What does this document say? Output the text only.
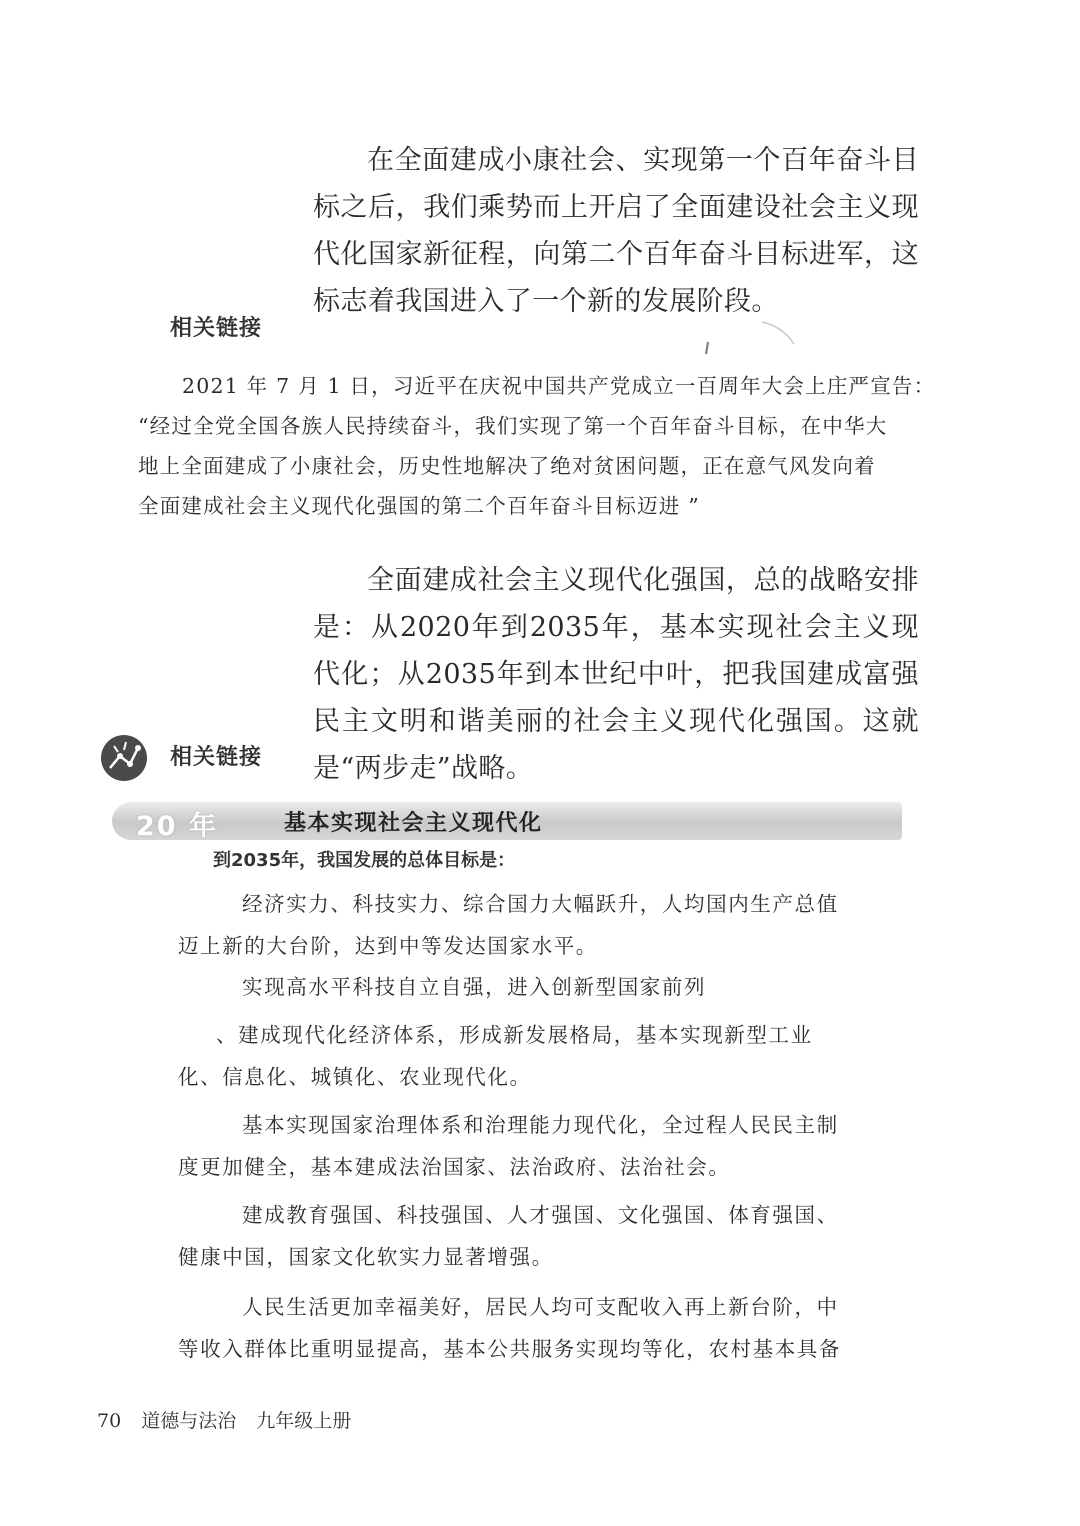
在全面建成小康社会、实现第一个百年奋斗目标之后，我们乘势而上开启了全面建设社会主义现代化国家新征程，向第二个百年奋斗目标进军，这标志着我国进入了一个新的发展阶段。
相关链接
2021 年 7 月 1 日，习近平在庆祝中国共产党成立一百周年大会上庄严宣告：
“经过全党全国各族人民持续奋斗，我们实现了第一个百年奋斗目标，在中华大
地上全面建成了小康社会，历史性地解决了绝对贫困问题，正在意气风发向着
全面建成社会主义现代化强国的第二个百年奋斗目标迈进 ”
全面建成社会主义现代化强国，总的战略安排是：从2020年到2035年，基本实现社会主义现代化；从2035年到本世纪中叶，把我国建成富强民主文明和谐美丽的社会主义现代化强国。这就是“两步走”战略。
相关链接
20 年	基本实现社会主义现代化
到2035年，我国发展的总体目标是：
经济实力、科技实力、综合国力大幅跃升，人均国内生产总值
迈上新的大台阶，达到中等发达国家水平。
实现高水平科技自立自强，进入创新型国家前列
、建成现代化经济体系，形成新发展格局，基本实现新型工业
化、信息化、城镇化、农业现代化。
基本实现国家治理体系和治理能力现代化，全过程人民民主制
度更加健全，基本建成法治国家、法治政府、法治社会。
建成教育强国、科技强国、人才强国、文化强国、体育强国、
健康中国，国家文化软实力显著增强。
人民生活更加幸福美好，居民人均可支配收入再上新台阶，中
等收入群体比重明显提高，基本公共服务实现均等化，农村基本具备
70 道德与法治 九年级上册
